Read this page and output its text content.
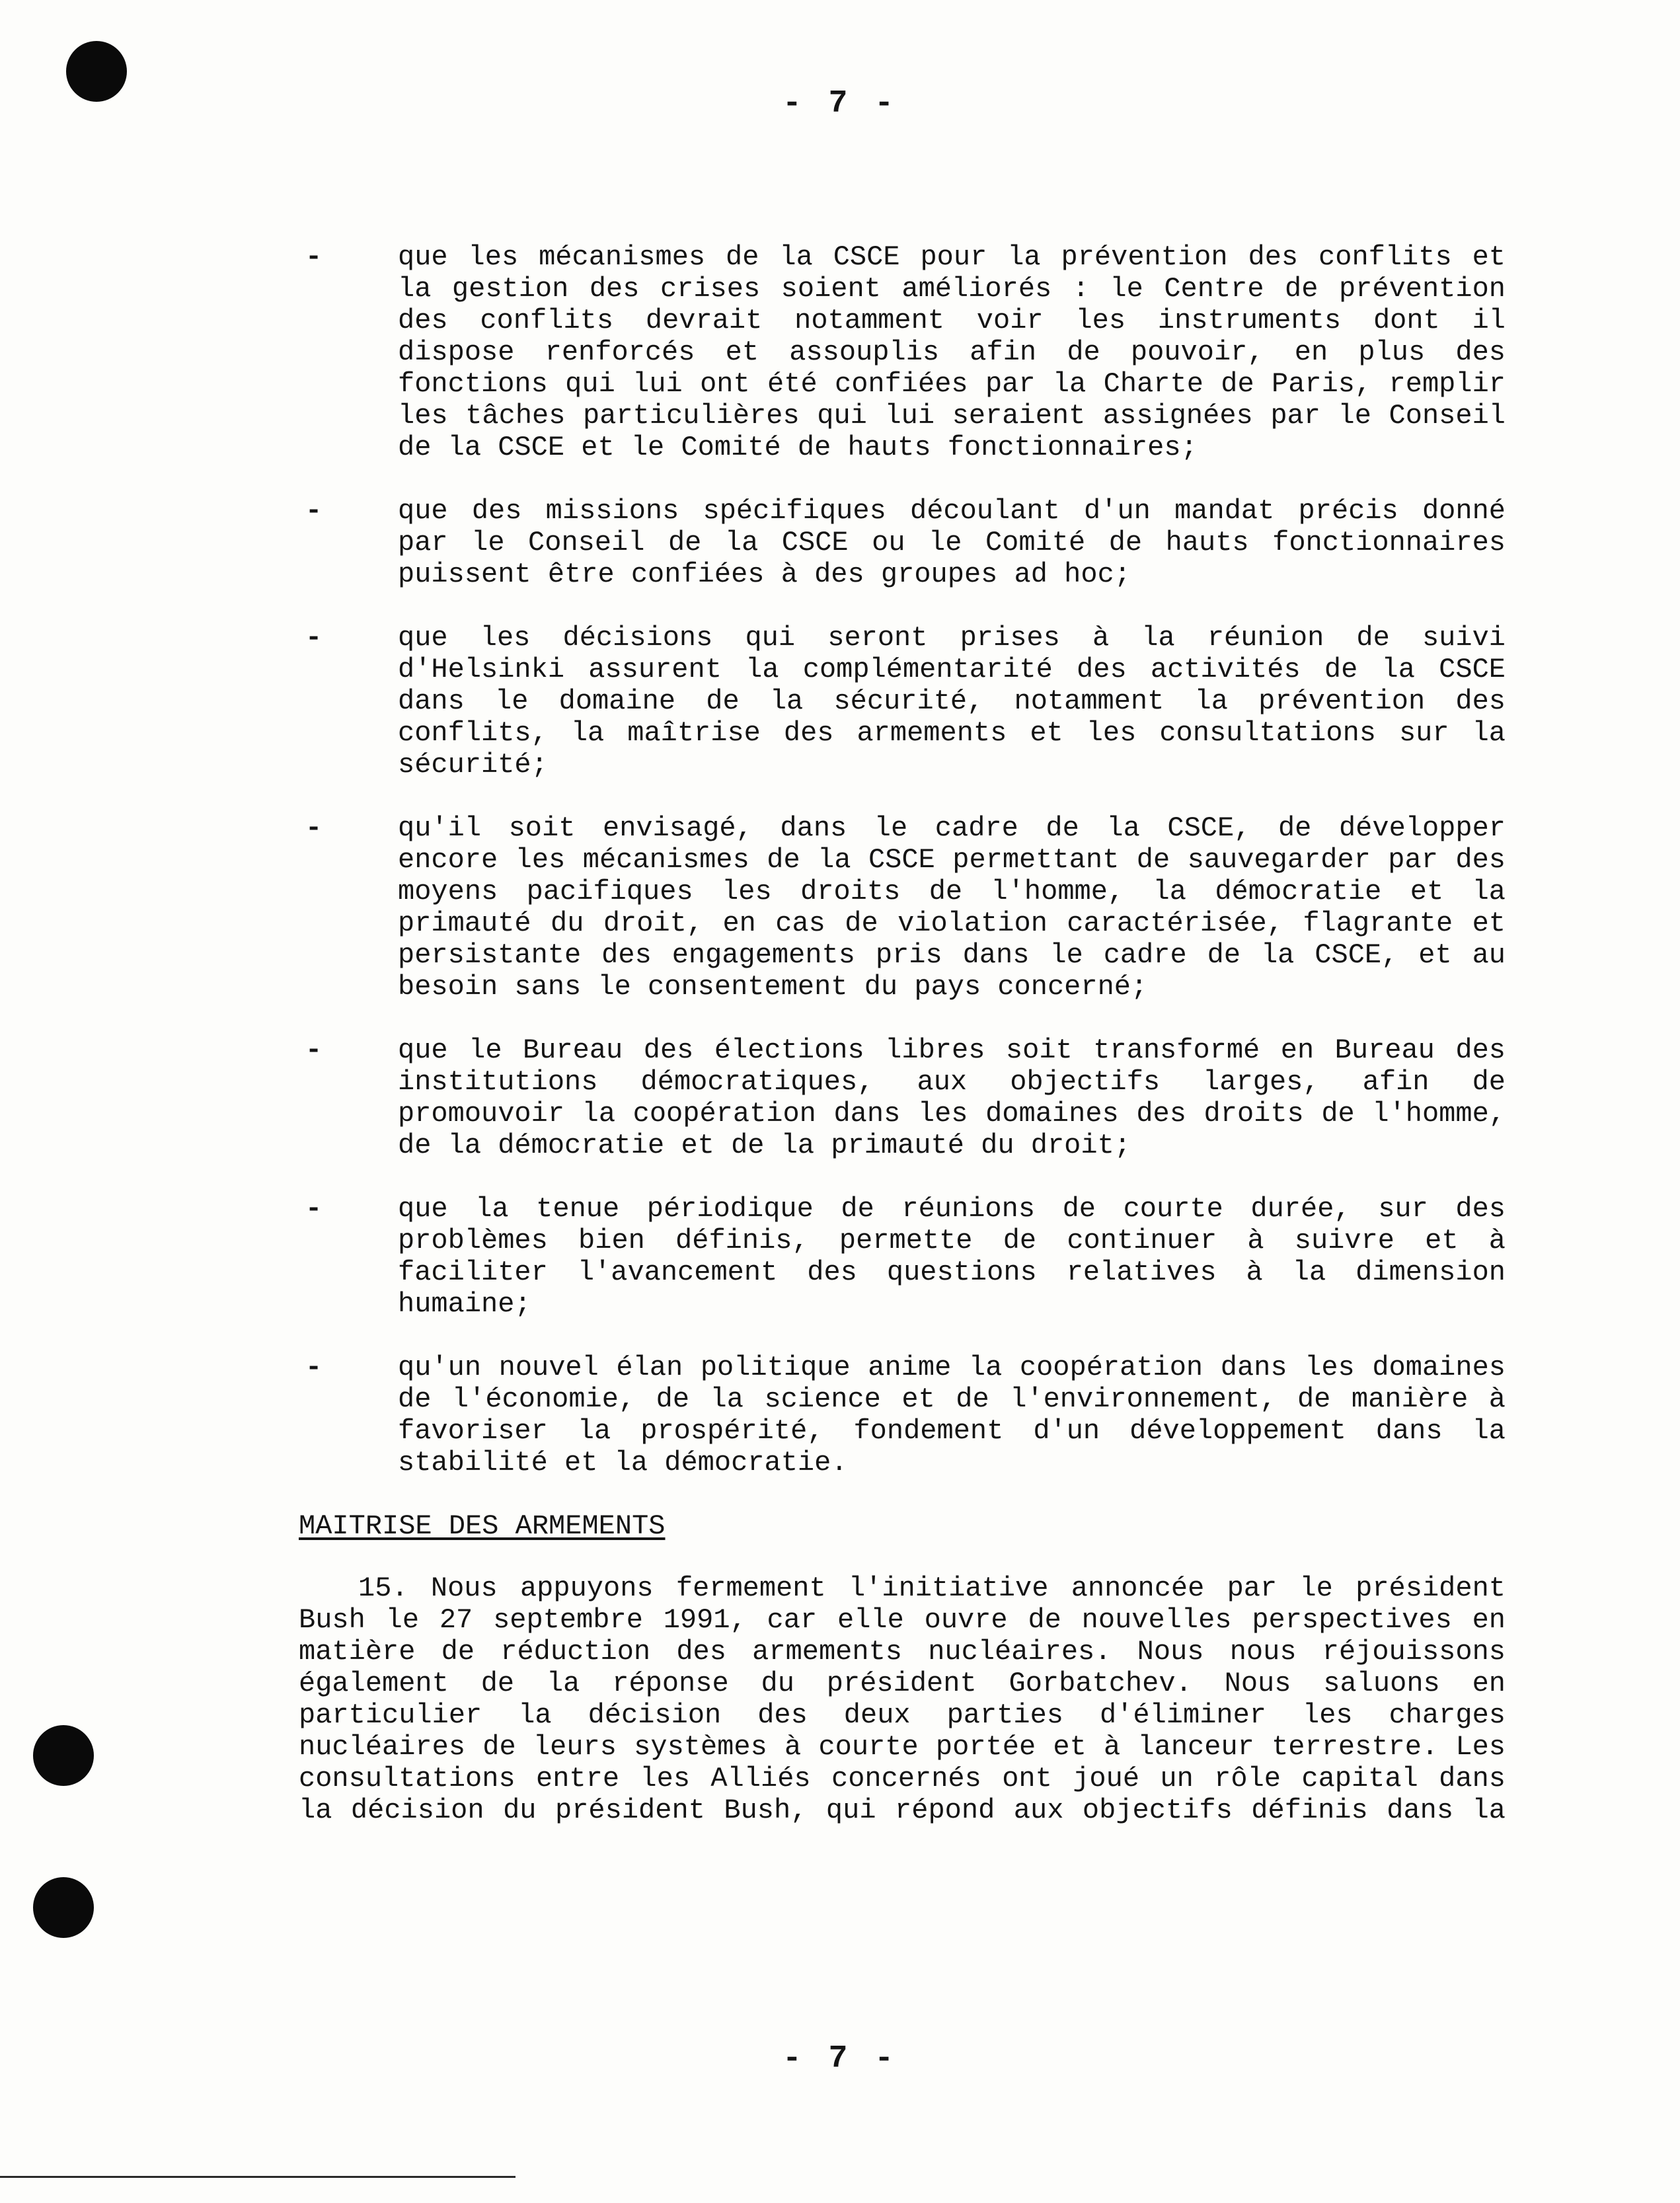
- 7 -
-	que les mécanismes de la CSCE pour la prévention des conflits et la gestion des crises soient améliorés : le Centre de prévention des conflits devrait notamment voir les instruments dont il dispose renforcés et assouplis afin de pouvoir, en plus des fonctions qui lui ont été confiées par la Charte de Paris, remplir les tâches particulières qui lui seraient assignées par le Conseil de la CSCE et le Comité de hauts fonctionnaires;
-	que des missions spécifiques découlant d'un mandat précis donné par le Conseil de la CSCE ou le Comité de hauts fonctionnaires puissent être confiées à des groupes ad hoc;
-	que les décisions qui seront prises à la réunion de suivi d'Helsinki assurent la complémentarité des activités de la CSCE dans le domaine de la sécurité, notamment la prévention des conflits, la maîtrise des armements et les consultations sur la sécurité;
-	qu'il soit envisagé, dans le cadre de la CSCE, de développer encore les mécanismes de la CSCE permettant de sauvegarder par des moyens pacifiques les droits de l'homme, la démocratie et la primauté du droit, en cas de violation caractérisée, flagrante et persistante des engagements pris dans le cadre de la CSCE, et au besoin sans le consentement du pays concerné;
-	que le Bureau des élections libres soit transformé en Bureau des institutions démocratiques, aux objectifs larges, afin de promouvoir la coopération dans les domaines des droits de l'homme, de la démocratie et de la primauté du droit;
-	que la tenue périodique de réunions de courte durée, sur des problèmes bien définis, permette de continuer à suivre et à faciliter l'avancement des questions relatives à la dimension humaine;
-	qu'un nouvel élan politique anime la coopération dans les domaines de l'économie, de la science et de l'environnement, de manière à favoriser la prospérité, fondement d'un développement dans la stabilité et la démocratie.
MAITRISE DES ARMEMENTS
15. Nous appuyons fermement l'initiative annoncée par le président Bush le 27 septembre 1991, car elle ouvre de nouvelles perspectives en matière de réduction des armements nucléaires. Nous nous réjouissons également de la réponse du président Gorbatchev. Nous saluons en particulier la décision des deux parties d'éliminer les charges nucléaires de leurs systèmes à courte portée et à lanceur terrestre. Les consultations entre les Alliés concernés ont joué un rôle capital dans la décision du président Bush, qui répond aux objectifs définis dans la
- 7 -
